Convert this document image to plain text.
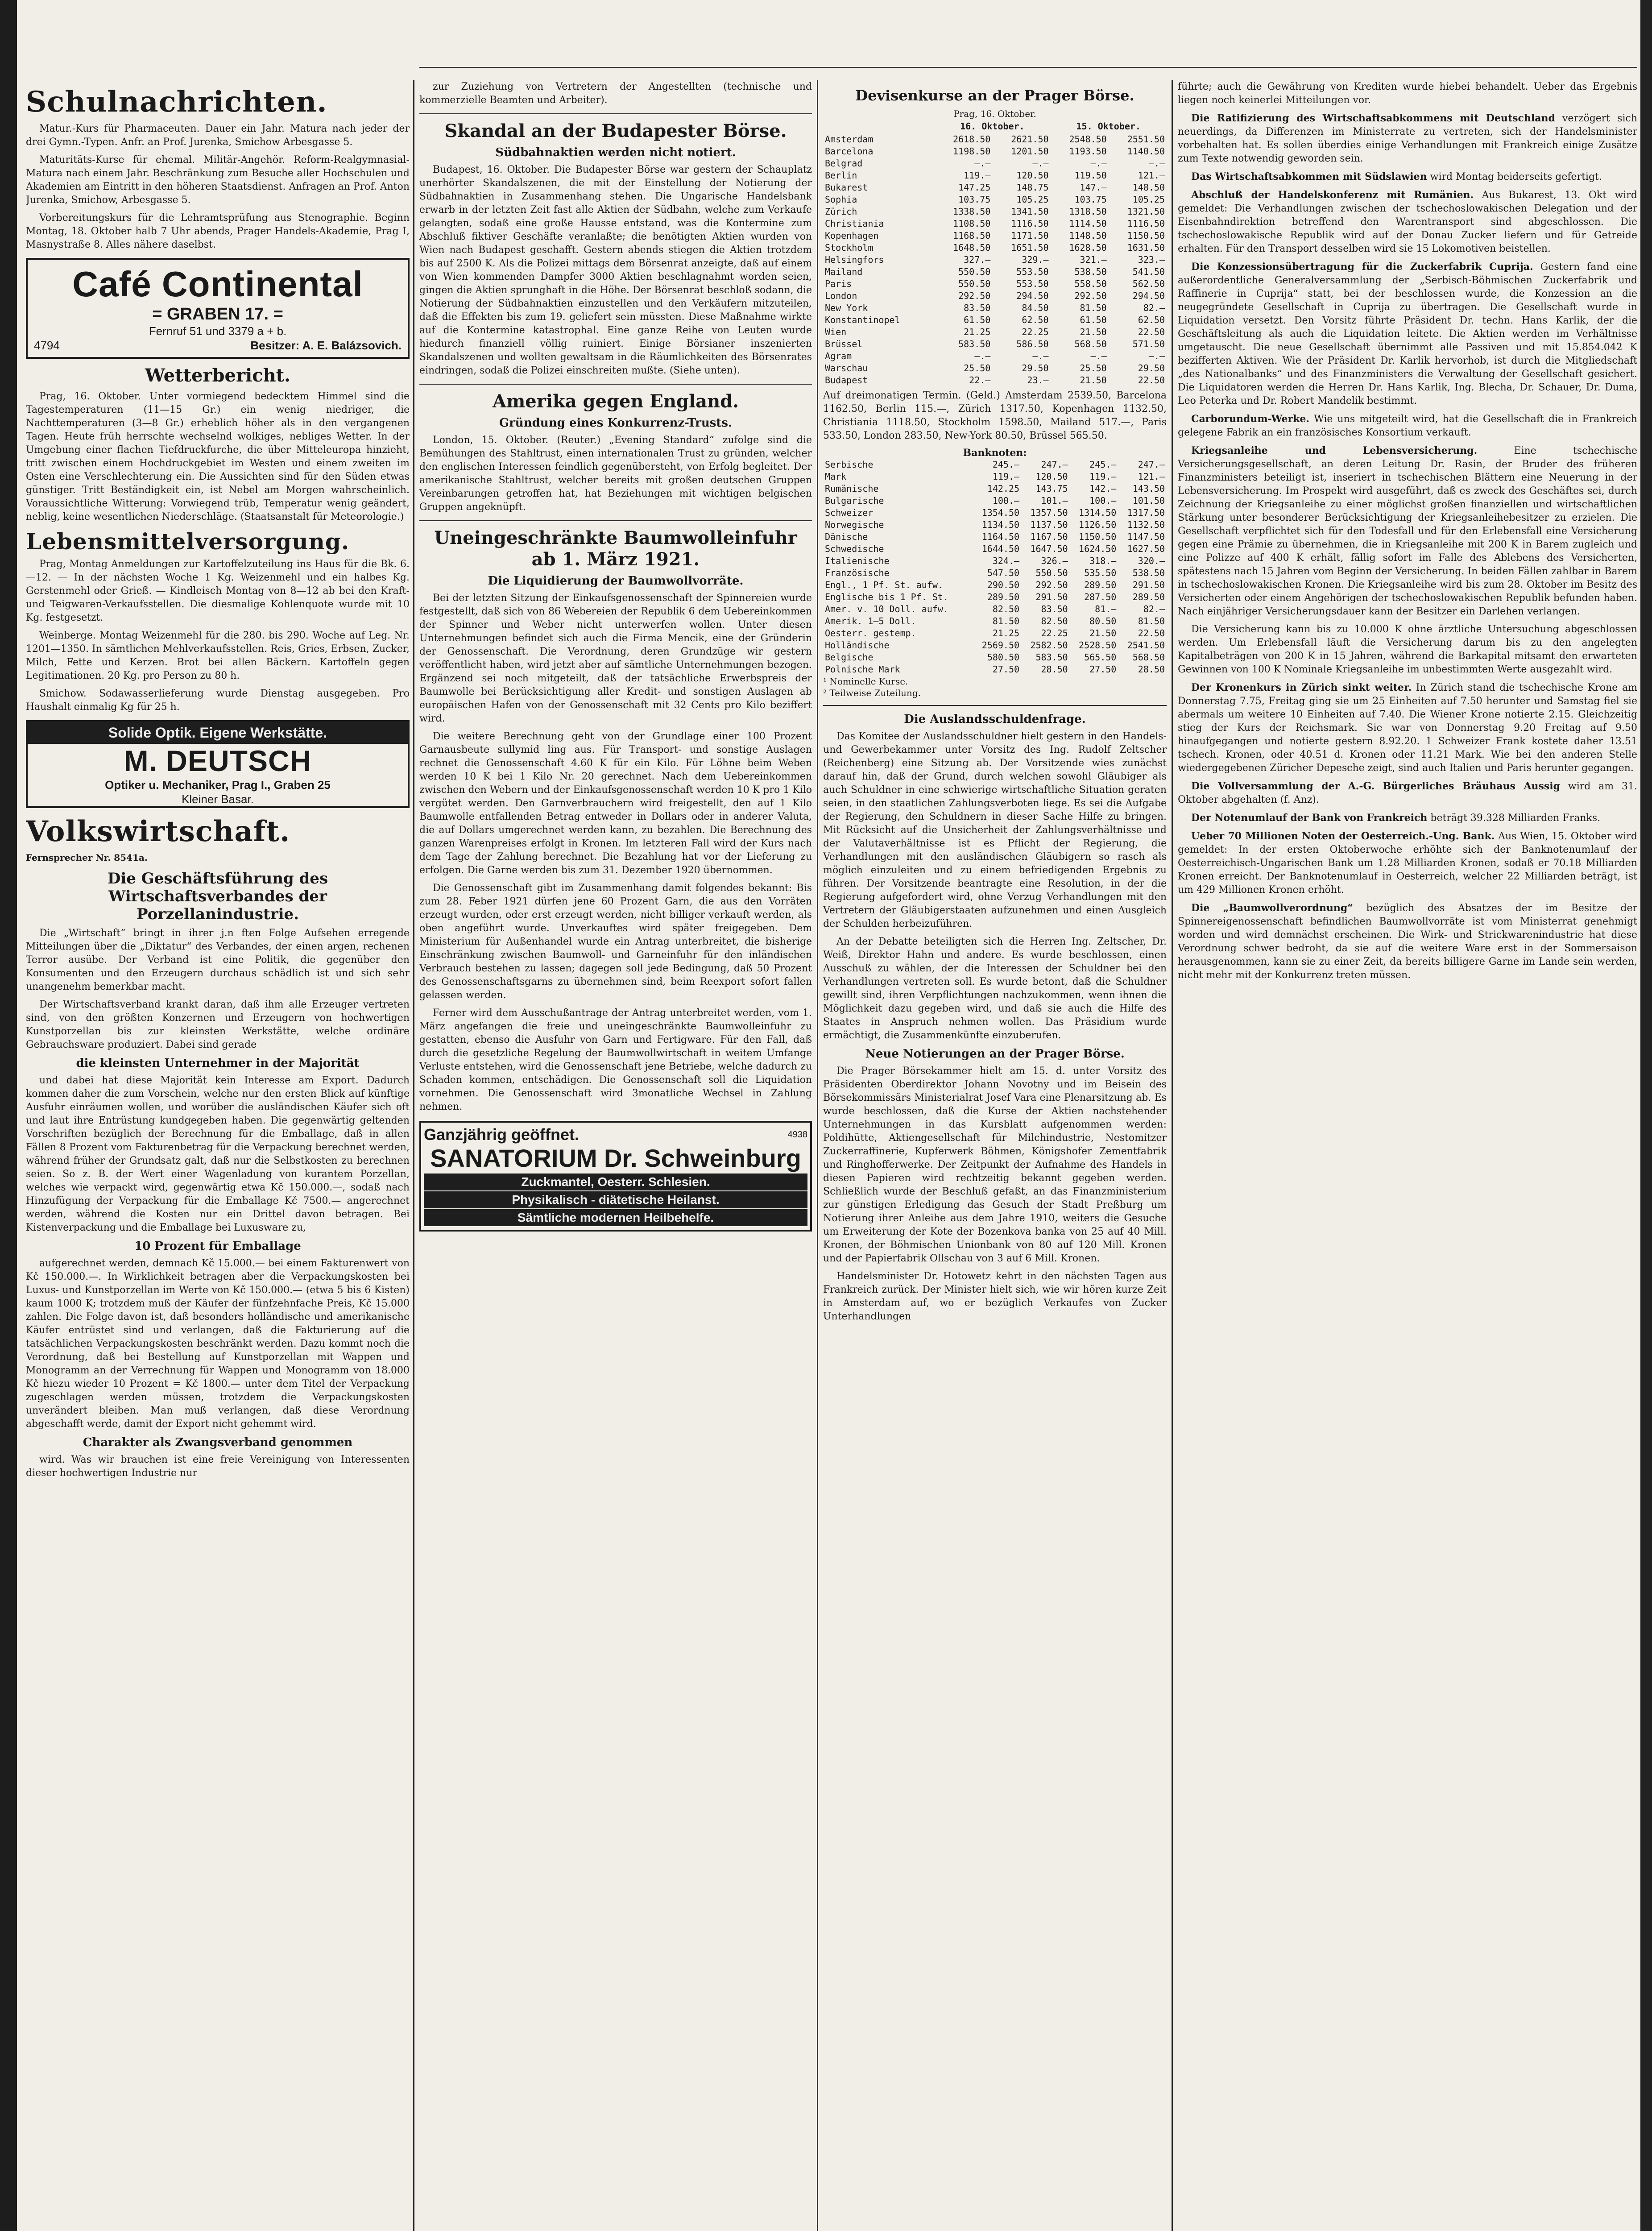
Schulnachrichten.

Matur.-Kurs für Pharmaceuten. Dauer ein Jahr. Matura nach jeder der drei Gymn.-Typen. Anfr. an Prof. Jurenka, Smichow Arbesgasse 5.

Maturitäts-Kurse für ehemal. Militär-Angehör. Reform-Realgymnasial-Matura nach einem Jahr. Beschränkung zum Besuche aller Hochschulen und Akademien am Eintritt in den höheren Staatsdienst. Anfragen an Prof. Anton Jurenka, Smichow, Arbesgasse 5.

Vorbereitungskurs für die Lehramtsprüfung aus Stenographie. Beginn Montag, 18. Oktober halb 7 Uhr abends, Prager Handels-Akademie, Prag I, Masnystraße 8. Alles nähere daselbst.

Café Continental
= GRABEN 17. =
Fernruf 51 und 3379 a + b.
4794	Besitzer: A. E. Balázsovich.
Wetterbericht.

Prag, 16. Oktober. Unter vormiegend bedecktem Himmel sind die Tagestemperaturen (11—15 Gr.) ein wenig niedriger, die Nachttemperaturen (3—8 Gr.) erheblich höher als in den vergangenen Tagen. Heute früh herrschte wechselnd wolkiges, nebliges Wetter. In der Umgebung einer flachen Tiefdruckfurche, die über Mitteleuropa hinzieht, tritt zwischen einem Hochdruckgebiet im Westen und einem zweiten im Osten eine Verschlechterung ein. Die Aussichten sind für den Süden etwas günstiger. Tritt Beständigkeit ein, ist Nebel am Morgen wahrscheinlich. Voraussichtliche Witterung: Vorwiegend trüb, Temperatur wenig geändert, neblig, keine wesentlichen Niederschläge. (Staatsanstalt für Meteorologie.)

Lebensmittelversorgung.

Prag, Montag Anmeldungen zur Kartoffelzuteilung ins Haus für die Bk. 6.—12. — In der nächsten Woche 1 Kg. Weizenmehl und ein halbes Kg. Gerstenmehl oder Grieß. — Kindleisch Montag von 8—12 ab bei den Kraft- und Teigwaren-Verkaufsstellen. Die diesmalige Kohlenquote wurde mit 10 Kg. festgesetzt.

Weinberge. Montag Weizenmehl für die 280. bis 290. Woche auf Leg. Nr. 1201—1350. In sämtlichen Mehlverkaufsstellen. Reis, Gries, Erbsen, Zucker, Milch, Fette und Kerzen. Brot bei allen Bäckern. Kartoffeln gegen Legitimationen. 20 Kg. pro Person zu 80 h.

Smichow. Sodawasserlieferung wurde Dienstag ausgegeben. Pro Haushalt einmalig Kg für 25 h.

Solide Optik. Eigene Werkstätte.
M. DEUTSCH
Optiker u. Mechaniker, Prag I., Graben 25
Kleiner Basar.
Volkswirtschaft.
Fernsprecher Nr. 8541a.
Die Geschäftsführung des Wirtschaftsverbandes der Porzellanindustrie.

Die „Wirtschaft“ bringt in ihrer j.n ften Folge Aufsehen erregende Mitteilungen über die „Diktatur“ des Verbandes, der einen argen, rechenen Terror ausübe. Der Verband ist eine Politik, die gegenüber den Konsumenten und den Erzeugern durchaus schädlich ist und sich sehr unangenehm bemerkbar macht.

Der Wirtschaftsverband krankt daran, daß ihm alle Erzeuger vertreten sind, von den größten Konzernen und Erzeugern von hochwertigen Kunstporzellan bis zur kleinsten Werkstätte, welche ordinäre Gebrauchsware produziert. Dabei sind gerade

die kleinsten Unternehmer in der Majorität

und dabei hat diese Majorität kein Interesse am Export. Dadurch kommen daher die zum Vorschein, welche nur den ersten Blick auf künftige Ausfuhr einräumen wollen, und worüber die ausländischen Käufer sich oft und laut ihre Entrüstung kundgegeben haben. Die gegenwärtig geltenden Vorschriften bezüglich der Berechnung für die Emballage, daß in allen Fällen 8 Prozent vom Fakturenbetrag für die Verpackung berechnet werden, während früher der Grundsatz galt, daß nur die Selbstkosten zu berechnen seien. So z. B. der Wert einer Wagenladung von kurantem Porzellan, welches wie verpackt wird, gegenwärtig etwa Kč 150.000.—, sodaß nach Hinzufügung der Verpackung für die Emballage Kč 7500.— angerechnet werden, während die Kosten nur ein Drittel davon betragen. Bei Kistenverpackung und die Emballage bei Luxusware zu,

10 Prozent für Emballage

aufgerechnet werden, demnach Kč 15.000.— bei einem Fakturenwert von Kč 150.000.—. In Wirklichkeit betragen aber die Verpackungskosten bei Luxus- und Kunstporzellan im Werte von Kč 150.000.— (etwa 5 bis 6 Kisten) kaum 1000 K; trotzdem muß der Käufer der fünfzehnfache Preis, Kč 15.000 zahlen. Die Folge davon ist, daß besonders holländische und amerikanische Käufer entrüstet sind und verlangen, daß die Fakturierung auf die tatsächlichen Verpackungskosten beschränkt werden. Dazu kommt noch die Verordnung, daß bei Bestellung auf Kunstporzellan mit Wappen und Monogramm an der Verrechnung für Wappen und Monogramm von 18.000 Kč hiezu wieder 10 Prozent = Kč 1800.— unter dem Titel der Verpackung zugeschlagen werden müssen, trotzdem die Verpackungskosten unverändert bleiben. Man muß verlangen, daß diese Verordnung abgeschafft werde, damit der Export nicht gehemmt wird.

Charakter als Zwangsverband genommen

wird. Was wir brauchen ist eine freie Vereinigung von Interessenten dieser hochwertigen Industrie nur

zur Zuziehung von Vertretern der Angestellten (technische und kommerzielle Beamten und Arbeiter).

Skandal an der Budapester Börse.
Südbahnaktien werden nicht notiert.

Budapest, 16. Oktober. Die Budapester Börse war gestern der Schauplatz unerhörter Skandalszenen, die mit der Einstellung der Notierung der Südbahnaktien in Zusammenhang stehen. Die Ungarische Handelsbank erwarb in der letzten Zeit fast alle Aktien der Südbahn, welche zum Verkaufe gelangten, sodaß eine große Hausse entstand, was die Kontermine zum Abschluß fiktiver Geschäfte veranlaßte; die benötigten Aktien wurden von Wien nach Budapest geschafft. Gestern abends stiegen die Aktien trotzdem bis auf 2500 K. Als die Polizei mittags dem Börsenrat anzeigte, daß auf einem von Wien kommenden Dampfer 3000 Aktien beschlagnahmt worden seien, gingen die Aktien sprunghaft in die Höhe. Der Börsenrat beschloß sodann, die Notierung der Südbahnaktien einzustellen und den Verkäufern mitzuteilen, daß die Effekten bis zum 19. geliefert sein müssten. Diese Maßnahme wirkte auf die Kontermine katastrophal. Eine ganze Reihe von Leuten wurde hiedurch finanziell völlig ruiniert. Einige Börsianer inszenierten Skandalszenen und wollten gewaltsam in die Räumlichkeiten des Börsenrates eindringen, sodaß die Polizei einschreiten mußte. (Siehe unten).

Amerika gegen England.
Gründung eines Konkurrenz-Trusts.

London, 15. Oktober. (Reuter.) „Evening Standard“ zufolge sind die Bemühungen des Stahltrust, einen internationalen Trust zu gründen, welcher den englischen Interessen feindlich gegenübersteht, von Erfolg begleitet. Der amerikanische Stahltrust, welcher bereits mit großen deutschen Gruppen Vereinbarungen getroffen hat, hat Beziehungen mit wichtigen belgischen Gruppen angeknüpft.

Uneingeschränkte Baumwolleinfuhr ab 1. März 1921.
Die Liquidierung der Baumwollvorräte.

Bei der letzten Sitzung der Einkaufsgenossenschaft der Spinnereien wurde festgestellt, daß sich von 86 Webereien der Republik 6 dem Uebereinkommen der Spinner und Weber nicht unterwerfen wollen. Unter diesen Unternehmungen befindet sich auch die Firma Mencik, eine der Gründerin der Genossenschaft. Die Verordnung, deren Grundzüge wir gestern veröffentlicht haben, wird jetzt aber auf sämtliche Unternehmungen bezogen. Ergänzend sei noch mitgeteilt, daß der tatsächliche Erwerbspreis der Baumwolle bei Berücksichtigung aller Kredit- und sonstigen Auslagen ab europäischen Hafen von der Genossenschaft mit 32 Cents pro Kilo beziffert wird.

Die weitere Berechnung geht von der Grundlage einer 100 Prozent Garnausbeute sullymid ling aus. Für Transport- und sonstige Auslagen rechnet die Genossenschaft 4.60 K für ein Kilo. Für Löhne beim Weben werden 10 K bei 1 Kilo Nr. 20 gerechnet. Nach dem Uebereinkommen zwischen den Webern und der Einkaufsgenossenschaft werden 10 K pro 1 Kilo vergütet werden. Den Garnverbrauchern wird freigestellt, den auf 1 Kilo Baumwolle entfallenden Betrag entweder in Dollars oder in anderer Valuta, die auf Dollars umgerechnet werden kann, zu bezahlen. Die Berechnung des ganzen Warenpreises erfolgt in Kronen. Im letzteren Fall wird der Kurs nach dem Tage der Zahlung berechnet. Die Bezahlung hat vor der Lieferung zu erfolgen. Die Garne werden bis zum 31. Dezember 1920 übernommen.

Die Genossenschaft gibt im Zusammenhang damit folgendes bekannt: Bis zum 28. Feber 1921 dürfen jene 60 Prozent Garn, die aus den Vorräten erzeugt wurden, oder erst erzeugt werden, nicht billiger verkauft werden, als oben angeführt wurde. Unverkauftes wird später freigegeben. Dem Ministerium für Außenhandel wurde ein Antrag unterbreitet, die bisherige Einschränkung zwischen Baumwoll- und Garneinfuhr für den inländischen Verbrauch bestehen zu lassen; dagegen soll jede Bedingung, daß 50 Prozent des Genossenschaftsgarns zu übernehmen sind, beim Reexport sofort fallen gelassen werden.

Ferner wird dem Ausschußantrage der Antrag unterbreitet werden, vom 1. März angefangen die freie und uneingeschränkte Baumwolleinfuhr zu gestatten, ebenso die Ausfuhr von Garn und Fertigware. Für den Fall, daß durch die gesetzliche Regelung der Baumwollwirtschaft in weitem Umfange Verluste entstehen, wird die Genossenschaft jene Betriebe, welche dadurch zu Schaden kommen, entschädigen. Die Genossenschaft soll die Liquidation vornehmen. Die Genossenschaft wird 3monatliche Wechsel in Zahlung nehmen.

Ganzjährig geöffnet.	4938
SANATORIUM Dr. Schweinburg
Zuckmantel, Oesterr. Schlesien.
Physikalisch - diätetische Heilanst.
Sämtliche modernen Heilbehelfe.
Devisenkurse an der Prager Börse.
Prag, 16. Oktober.
	16. Oktober.		15. Oktober.	
Amsterdam	2618.50	2621.50	2548.50	2551.50
Barcelona	1198.50	1201.50	1193.50	1140.50
Belgrad	—.—	—.—	—.—	—.—
Berlin	119.—	120.50	119.50	121.—
Bukarest	147.25	148.75	147.—	148.50
Sophia	103.75	105.25	103.75	105.25
Zürich	1338.50	1341.50	1318.50	1321.50
Christiania	1108.50	1116.50	1114.50	1116.50
Kopenhagen	1168.50	1171.50	1148.50	1150.50
Stockholm	1648.50	1651.50	1628.50	1631.50
Helsingfors	327.—	329.—	321.—	323.—
Mailand	550.50	553.50	538.50	541.50
Paris	550.50	553.50	558.50	562.50
London	292.50	294.50	292.50	294.50
New York	83.50	84.50	81.50	82.—
Konstantinopel	61.50	62.50	61.50	62.50
Wien	21.25	22.25	21.50	22.50
Brüssel	583.50	586.50	568.50	571.50
Agram	—.—	—.—	—.—	—.—
Warschau	25.50	29.50	25.50	29.50
Budapest	22.—	23.—	21.50	22.50

Auf dreimonatigen Termin. (Geld.) Amsterdam 2539.50, Barcelona 1162.50, Berlin 115.—, Zürich 1317.50, Kopenhagen 1132.50, Christiania 1118.50, Stockholm 1598.50, Mailand 517.—, Paris 533.50, London 283.50, New-York 80.50, Brüssel 565.50.

Banknoten:
Serbische	245.—	247.—	245.—	247.—
Mark	119.—	120.50	119.—	121.—
Rumänische	142.25	143.75	142.—	143.50
Bulgarische	100.—	101.—	100.—	101.50
Schweizer	1354.50	1357.50	1314.50	1317.50
Norwegische	1134.50	1137.50	1126.50	1132.50
Dänische	1164.50	1167.50	1150.50	1147.50
Schwedische	1644.50	1647.50	1624.50	1627.50
Italienische	324.—	326.—	318.—	320.—
Französische	547.50	550.50	535.50	538.50
Engl., 1 Pf. St. aufw.	290.50	292.50	289.50	291.50
Englische bis 1 Pf. St.	289.50	291.50	287.50	289.50
Amer. v. 10 Doll. aufw.	82.50	83.50	81.—	82.—
Amerik. 1—5 Doll.	81.50	82.50	80.50	81.50
Oesterr. gestemp.	21.25	22.25	21.50	22.50
Holländische	2569.50	2582.50	2528.50	2541.50
Belgische	580.50	583.50	565.50	568.50
Polnische Mark	27.50	28.50	27.50	28.50
¹ Nominelle Kurse.
² Teilweise Zuteilung.
Die Auslandsschuldenfrage.

Das Komitee der Auslandsschuldner hielt gestern in den Handels- und Gewerbekammer unter Vorsitz des Ing. Rudolf Zeltscher (Reichenberg) eine Sitzung ab. Der Vorsitzende wies zunächst darauf hin, daß der Grund, durch welchen sowohl Gläubiger als auch Schuldner in eine schwierige wirtschaftliche Situation geraten seien, in den staatlichen Zahlungsverboten liege. Es sei die Aufgabe der Regierung, den Schuldnern in dieser Sache Hilfe zu bringen. Mit Rücksicht auf die Unsicherheit der Zahlungsverhältnisse und der Valutaverhältnisse ist es Pflicht der Regierung, die Verhandlungen mit den ausländischen Gläubigern so rasch als möglich einzuleiten und zu einem befriedigenden Ergebnis zu führen. Der Vorsitzende beantragte eine Resolution, in der die Regierung aufgefordert wird, ohne Verzug Verhandlungen mit den Vertretern der Gläubigerstaaten aufzunehmen und einen Ausgleich der Schulden herbeizuführen.

An der Debatte beteiligten sich die Herren Ing. Zeltscher, Dr. Weiß, Direktor Hahn und andere. Es wurde beschlossen, einen Ausschuß zu wählen, der die Interessen der Schuldner bei den Verhandlungen vertreten soll. Es wurde betont, daß die Schuldner gewillt sind, ihren Verpflichtungen nachzukommen, wenn ihnen die Möglichkeit dazu gegeben wird, und daß sie auch die Hilfe des Staates in Anspruch nehmen wollen. Das Präsidium wurde ermächtigt, die Zusammenkünfte einzuberufen.

Neue Notierungen an der Prager Börse.

Die Prager Börsekammer hielt am 15. d. unter Vorsitz des Präsidenten Oberdirektor Johann Novotny und im Beisein des Börsekommissärs Ministerialrat Josef Vara eine Plenarsitzung ab. Es wurde beschlossen, daß die Kurse der Aktien nachstehender Unternehmungen in das Kursblatt aufgenommen werden: Poldihütte, Aktiengesellschaft für Milchindustrie, Nestomitzer Zuckerraffinerie, Kupferwerk Böhmen, Königshofer Zementfabrik und Ringhofferwerke. Der Zeitpunkt der Aufnahme des Handels in diesen Papieren wird rechtzeitig bekannt gegeben werden. Schließlich wurde der Beschluß gefaßt, an das Finanzministerium zur günstigen Erledigung das Gesuch der Stadt Preßburg um Notierung ihrer Anleihe aus dem Jahre 1910, weiters die Gesuche um Erweiterung der Kote der Bozenkova banka von 25 auf 40 Mill. Kronen, der Böhmischen Unionbank von 80 auf 120 Mill. Kronen und der Papierfabrik Ollschau von 3 auf 6 Mill. Kronen.

Handelsminister Dr. Hotowetz kehrt in den nächsten Tagen aus Frankreich zurück. Der Minister hielt sich, wie wir hören kurze Zeit in Amsterdam auf, wo er bezüglich Verkaufes von Zucker Unterhandlungen

führte; auch die Gewährung von Krediten wurde hiebei behandelt. Ueber das Ergebnis liegen noch keinerlei Mitteilungen vor.

Die Ratifizierung des Wirtschaftsabkommens mit Deutschland verzögert sich neuerdings, da Differenzen im Ministerrate zu vertreten, sich der Handelsminister vorbehalten hat. Es sollen überdies einige Verhandlungen mit Frankreich einige Zusätze zum Texte notwendig geworden sein.

Das Wirtschaftsabkommen mit Südslawien wird Montag beiderseits gefertigt.

Abschluß der Handelskonferenz mit Rumänien. Aus Bukarest, 13. Okt wird gemeldet: Die Verhandlungen zwischen der tschechoslowakischen Delegation und der Eisenbahndirektion betreffend den Warentransport sind abgeschlossen. Die tschechoslowakische Republik wird auf der Donau Zucker liefern und für Getreide erhalten. Für den Transport desselben wird sie 15 Lokomotiven beistellen.

Die Konzessionsübertragung für die Zuckerfabrik Cuprija. Gestern fand eine außerordentliche Generalversammlung der „Serbisch-Böhmischen Zuckerfabrik und Raffinerie in Cuprija“ statt, bei der beschlossen wurde, die Konzession an die neugegründete Gesellschaft in Cuprija zu übertragen. Die Gesellschaft wurde in Liquidation versetzt. Den Vorsitz führte Präsident Dr. techn. Hans Karlik, der die Geschäftsleitung als auch die Liquidation leitete. Die Aktien werden im Verhältnisse umgetauscht. Die neue Gesellschaft übernimmt alle Passiven und mit 15.854.042 K bezifferten Aktiven. Wie der Präsident Dr. Karlik hervorhob, ist durch die Mitgliedschaft „des Nationalbanks“ und des Finanzministers die Verwaltung der Gesellschaft gesichert. Die Liquidatoren werden die Herren Dr. Hans Karlik, Ing. Blecha, Dr. Schauer, Dr. Duma, Leo Peterka und Dr. Robert Mandelik bestimmt.

Carborundum-Werke. Wie uns mitgeteilt wird, hat die Gesellschaft die in Frankreich gelegene Fabrik an ein französisches Konsortium verkauft.

Kriegsanleihe und Lebensversicherung.	Eine tschechische Versicherungsgesellschaft, an deren Leitung Dr. Rasin, der Bruder des früheren Finanzministers beteiligt ist, inseriert in tschechischen Blättern eine Neuerung in der Lebensversicherung. Im Prospekt wird ausgeführt, daß es zweck des Geschäftes sei, durch Zeichnung der Kriegsanleihe zu einer möglichst großen finanziellen und wirtschaftlichen Stärkung unter besonderer Berücksichtigung der Kriegsanleihebesitzer zu erzielen. Die Gesellschaft verpflichtet sich für den Todesfall und für den Erlebensfall eine Versicherung gegen eine Prämie zu übernehmen, die in Kriegsanleihe mit 200 K in Barem zugleich und eine Polizze auf 400 K erhält, fällig sofort im Falle des Ablebens des Versicherten, spätestens nach 15 Jahren vom Beginn der Versicherung. In beiden Fällen zahlbar in Barem in tschechoslowakischen Kronen. Die Kriegsanleihe wird bis zum 28. Oktober im Besitz des Versicherten oder einem Angehörigen der tschechoslowakischen Republik befunden haben. Nach einjähriger Versicherungsdauer kann der Besitzer ein Darlehen verlangen.

Die Versicherung kann bis zu 10.000 K ohne ärztliche Untersuchung abgeschlossen werden. Um Erlebensfall läuft die Versicherung darum bis zu den angelegten Kapitalbeträgen von 200 K in 15 Jahren, während die Barkapital mitsamt den erwarteten Gewinnen von 100 K Nominale Kriegsanleihe im unbestimmten Werte ausgezahlt wird.

Der Kronenkurs in Zürich sinkt weiter. In Zürich stand die tschechische Krone am Donnerstag 7.75, Freitag ging sie um 25 Einheiten auf 7.50 herunter und Samstag fiel sie abermals um weitere 10 Einheiten auf 7.40. Die Wiener Krone notierte 2.15. Gleichzeitig stieg der Kurs der Reichsmark. Sie war von Donnerstag 9.20 Freitag auf 9.50 hinaufgegangen und notierte gestern 8.92.20. 1 Schweizer Frank kostete daher 13.51 tschech. Kronen, oder 40.51 d. Kronen oder 11.21 Mark. Wie bei den anderen Stelle wiedergegebenen Züricher Depesche zeigt, sind auch Italien und Paris herunter gegangen.

Die Vollversammlung der A.-G. Bürgerliches Bräuhaus Aussig wird am 31. Oktober abgehalten (f. Anz).

Der Notenumlauf der Bank von Frankreich beträgt 39.328 Milliarden Franks.

Ueber 70 Millionen Noten der Oesterreich.-Ung. Bank. Aus Wien, 15. Oktober wird gemeldet: In der ersten Oktoberwoche erhöhte sich der Banknotenumlauf der Oesterreichisch-Ungarischen Bank um 1.28 Milliarden Kronen, sodaß er 70.18 Milliarden Kronen erreicht. Der Banknotenumlauf in Oesterreich, welcher 22 Milliarden beträgt, ist um 429 Millionen Kronen erhöht.

Die „Baumwollverordnung“ bezüglich des Absatzes der im Besitze der Spinnereigenossenschaft befindlichen Baumwollvorräte ist vom Ministerrat genehmigt worden und wird demnächst erscheinen. Die Wirk- und Strickwarenindustrie hat diese Verordnung schwer bedroht, da sie auf die weitere Ware erst in der Sommersaison herausgenommen, kann sie zu einer Zeit, da bereits billigere Garne im Lande sein werden, nicht mehr mit der Konkurrenz treten müssen.
